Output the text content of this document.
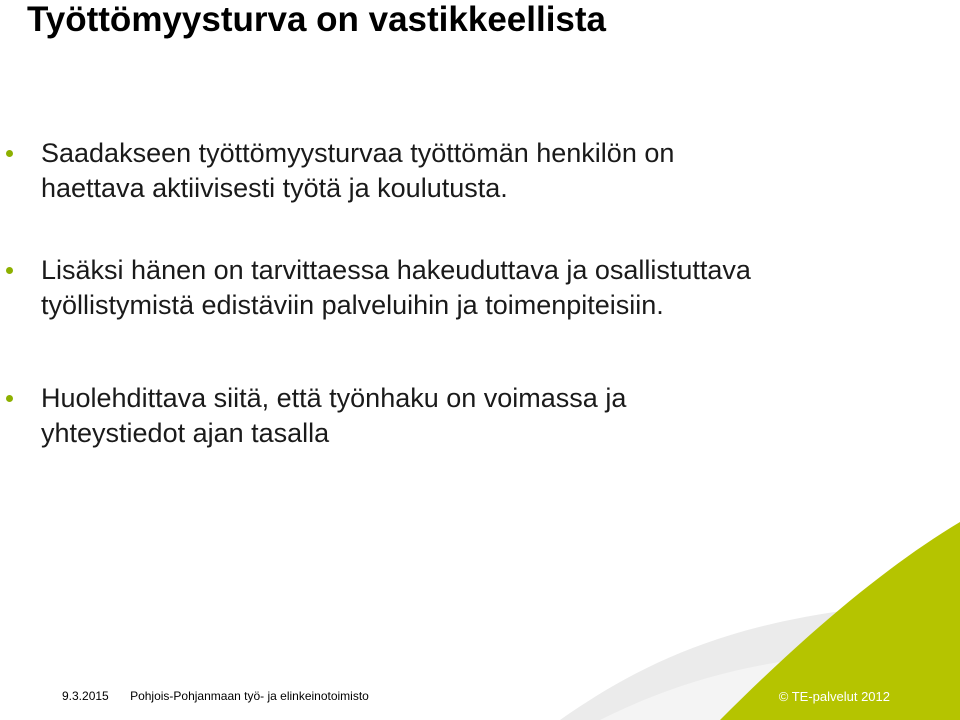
Työttömyysturva on vastikkeellista
Saadakseen työttömyysturvaa työttömän henkilön on
haettava aktiivisesti työtä ja koulutusta.
Lisäksi hänen on tarvittaessa hakeuduttava ja osallistuttava
työllistymistä edistäviin palveluihin ja toimenpiteisiin.
Huolehdittava siitä, että työnhaku on voimassa ja
yhteystiedot ajan tasalla
9.3.2015 Pohjois-Pohjanmaan työ- ja elinkeinotoimisto	© TE-palvelut 2012
